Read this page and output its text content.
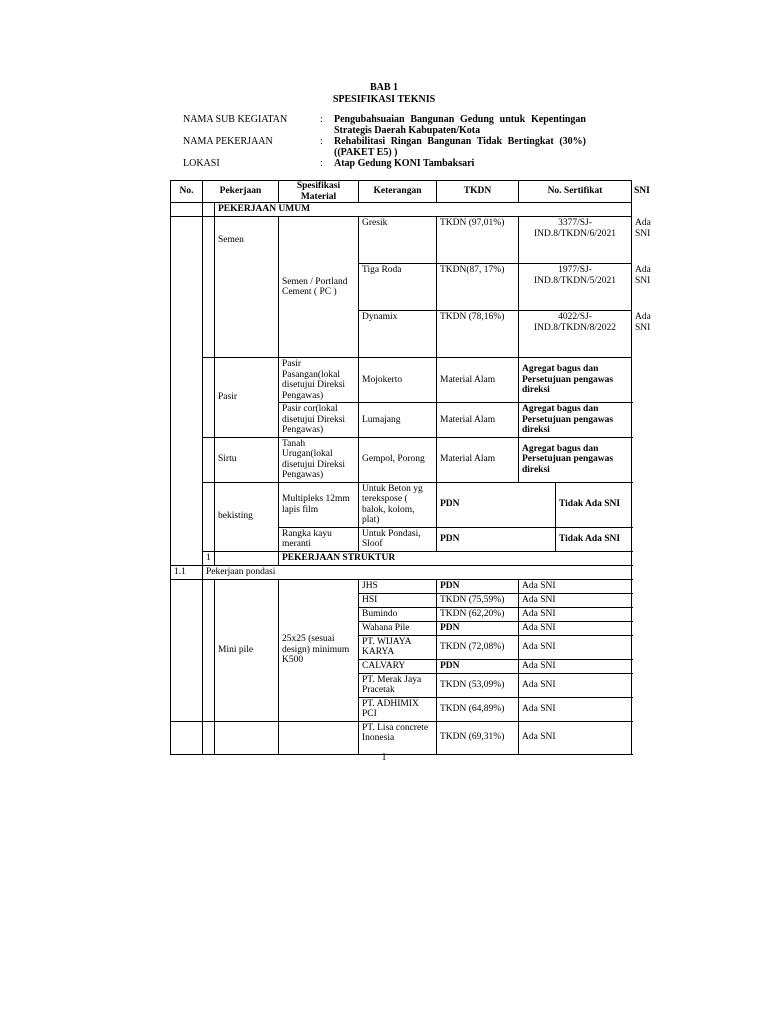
BAB 1
SPESIFIKASI TEKNIS
NAMA SUB KEGIATAN	: Pengubahsuaian Bangunan Gedung untuk Kepentingan Strategis Daerah Kabupaten/Kota
NAMA PEKERJAAN	: Rehabilitasi Ringan Bangunan Tidak Bertingkat (30%) ((PAKET E5) )
LOKASI	: Atap Gedung KONI Tambaksari
No.	Pekerjaan		Spesifikasi Material	Keterangan	TKDN	No. Sertifikat		SNI
		PEKERJAAN UMUM						
		Semen	Semen / Portland Cement ( PC )	Gresik	TKDN (97,01%)	3377/SJ-IND.8/TKDN/6/2021		Ada SNI
				Tiga Roda	TKDN(87, 17%)	1977/SJ-IND.8/TKDN/5/2021		Ada SNI
				Dynamix	TKDN (78,16%)	4022/SJ-IND.8/TKDN/8/2022		Ada SNI
		Pasir	Pasir Pasangan(lokal disetujui Direksi Pengawas)	Mojokerto	Material Alam	Agregat bagus dan Persetujuan pengawas direksi		
			Pasir cor(lokal disetujui Direksi Pengawas)	Lumajang	Material Alam	Agregat bagus dan Persetujuan pengawas direksi		
		Sirtu	Tanah Urugan(lokal disetujui Direksi Pengawas)	Gempol, Porong	Material Alam	Agregat bagus dan Persetujuan pengawas direksi		
		bekisting	Multipleks 12mm lapis film	Untuk Beton yg terekspose ( balok, kolom, plat)	PDN		Tidak Ada SNI	
			Rangka kayu meranti	Untuk Pondasi, Sloof	PDN		Tidak Ada SNI	
	1		PEKERJAAN STRUKTUR					
1.1	Pekerjaan pondasi							
		Mini pile	25x25 (sesuai design) minimum K500	JHS	PDN	Ada SNI		
				HSI	TKDN (75,59%)	Ada SNI		
				Bumindo	TKDN (62,20%)	Ada SNI		
				Wahana Pile	PDN	Ada SNI		
				PT. WIJAYA KARYA	TKDN (72,08%)	Ada SNI		
				CALVARY	PDN	Ada SNI		
				PT. Merak Jaya Pracetak	TKDN (53,09%)	Ada SNI		
				PT. ADHIMIX PCI	TKDN (64,89%)	Ada SNI		
				PT. Lisa concrete Inonesia	TKDN (69,31%)	Ada SNI		
1
